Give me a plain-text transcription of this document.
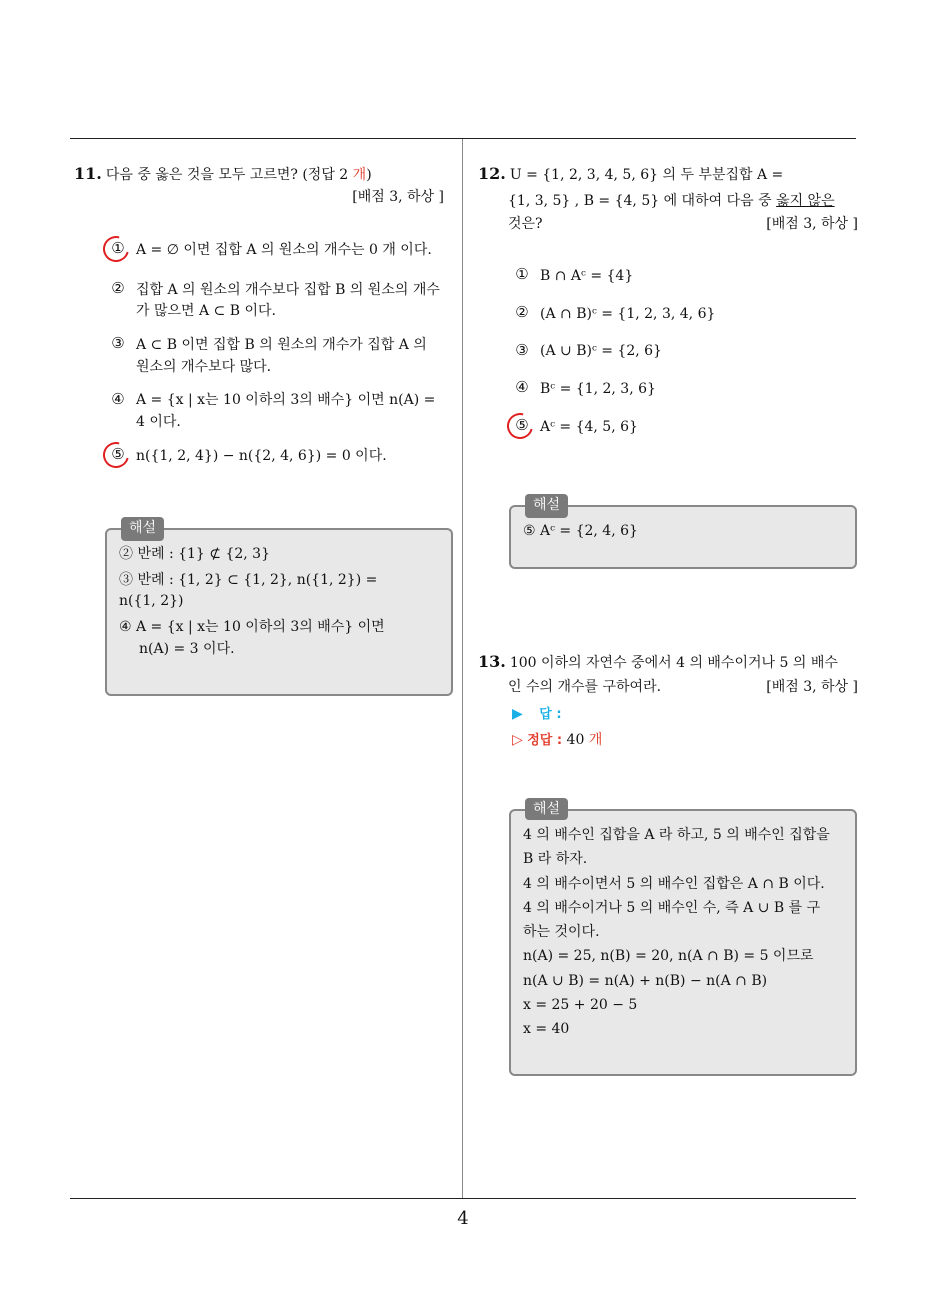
11. 다음 중 옳은 것을 모두 고르면? (정답 2 개)
[배점 3, 하상 ]
① A = ∅ 이면 집합 A 의 원소의 개수는 0 개 이다.
② 집합 A 의 원소의 개수보다 집합 B 의 원소의 개수가 많으면 A ⊂ B 이다.
③ A ⊂ B 이면 집합 B 의 원소의 개수가 집합 A 의 원소의 개수보다 많다.
④ A = {x | x는 10 이하의 3의 배수} 이면 n(A) = 4 이다.
⑤ n({1, 2, 4}) − n({2, 4, 6}) = 0 이다.
해설
② 반례 : {1} ⊄ {2, 3}
③ 반례 : {1, 2} ⊂ {1, 2}, n({1, 2}) =
n({1, 2})
④ A = {x | x는 10 이하의 3의 배수} 이면
n(A) = 3 이다.
12. U = {1, 2, 3, 4, 5, 6} 의 두 부분집합 A =
{1, 3, 5} , B = {4, 5} 에 대하여 다음 중 옳지 않은
것은?	[배점 3, 하상 ]
① B ∩ Aᶜ = {4}
② (A ∩ B)ᶜ = {1, 2, 3, 4, 6}
③ (A ∪ B)ᶜ = {2, 6}
④ Bᶜ = {1, 2, 3, 6}
⑤ Aᶜ = {4, 5, 6}
해설
⑤ Aᶜ = {2, 4, 6}
13. 100 이하의 자연수 중에서 4 의 배수이거나 5 의 배수
인 수의 개수를 구하여라.	[배점 3, 하상 ]
▶ 답 :
▷ 정답 : 40 개
해설
4 의 배수인 집합을 A 라 하고, 5 의 배수인 집합을
B 라 하자.
4 의 배수이면서 5 의 배수인 집합은 A ∩ B 이다.
4 의 배수이거나 5 의 배수인 수, 즉 A ∪ B 를 구
하는 것이다.
n(A) = 25, n(B) = 20, n(A ∩ B) = 5 이므로
n(A ∪ B) = n(A) + n(B) − n(A ∩ B)
x = 25 + 20 − 5
x = 40
4
